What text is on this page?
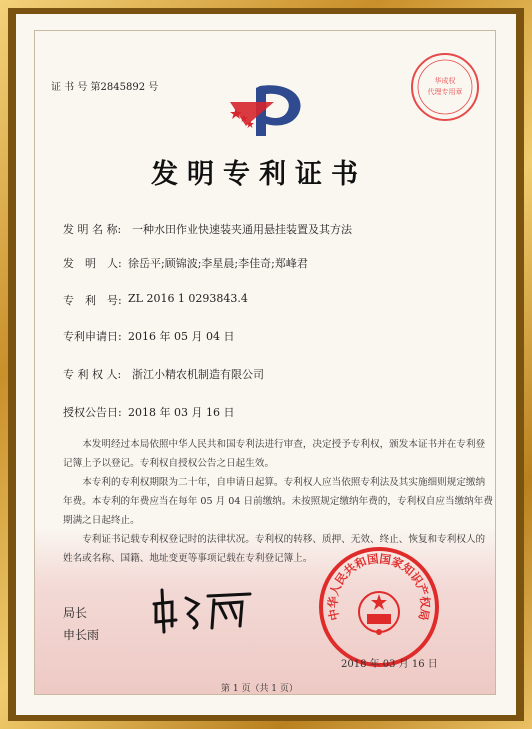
证 书 号 第2845892 号
华成权
代理专用章
发明专利证书
发 明 名 称: 一种水田作业快速装夹通用悬挂装置及其方法
发　明　人: 徐岳平;顾锦波;李星晨;李佳奇;郑峰君
专　利　号: ZL 2016 1 0293843.4
专利申请日: 2016 年 05 月 04 日
专 利 权 人: 浙江小精农机制造有限公司
授权公告日: 2018 年 03 月 16 日

本发明经过本局依照中华人民共和国专利法进行审查，决定授予专利权，颁发本证书并在专利登记簿上予以登记。专利权自授权公告之日起生效。

本专利的专利权期限为二十年，自申请日起算。专利权人应当依照专利法及其实施细则规定缴纳年费。本专利的年费应当在每年 05 月 04 日前缴纳。未按照规定缴纳年费的，专利权自应当缴纳年费期满之日起终止。

专利证书记载专利权登记时的法律状况。专利权的转移、质押、无效、终止、恢复和专利权人的姓名或名称、国籍、地址变更等事项记载在专利登记簿上。

局长
申长雨
中华人民共和国国家知识产权局
2018 年 03 月 16 日
第 1 页（共 1 页）
